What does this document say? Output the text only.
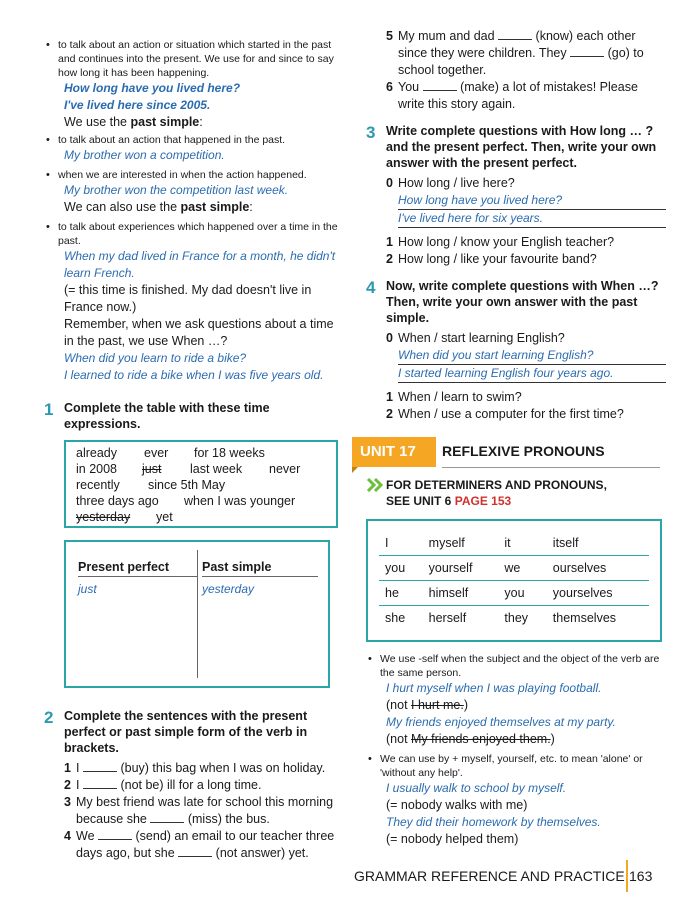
• to talk about an action or situation which started in the past and continues into the present. We use for and since to say how long it has been happening.
How long have you lived here?
I've lived here since 2005.
We use the past simple:
• to talk about an action that happened in the past.
My brother won a competition.
• when we are interested in when the action happened.
My brother won the competition last week.
We can also use the past simple:
• to talk about experiences which happened over a time in the past.
When my dad lived in France for a month, he didn't learn French.
(= this time is finished. My dad doesn't live in France now.)
Remember, when we ask questions about a time in the past, we use When …?
When did you learn to ride a bike?
I learned to ride a bike when I was five years old.
1 Complete the table with these time expressions.
already ever for 18 weeks
in 2008 just last week never
recently since 5th May
three days ago when I was younger
yesterday yet
Present perfect	Past simple
just	yesterday
2 Complete the sentences with the present perfect or past simple form of the verb in brackets.
1 I	(buy) this bag when I was on holiday.
2 I	(not be) ill for a long time.
3 My best friend was late for school this morning because she	(miss) the bus.
4 We	(send) an email to our teacher three days ago, but she	(not answer) yet.
5 My mum and dad	(know) each other since they were children. They	(go) to school together.
6 You	(make) a lot of mistakes! Please write this story again.
3 Write complete questions with How long … ? and the present perfect. Then, write your own answer with the present perfect.
0 How long / live here?
How long have you lived here?
I've lived here for six years.
1 How long / know your English teacher?
2 How long / like your favourite band?
4 Now, write complete questions with When …? Then, write your own answer with the past simple.
0 When / start learning English?
When did you start learning English?
I started learning English four years ago.
1 When / learn to swim?
2 When / use a computer for the first time?
UNIT 17 REFLEXIVE PRONOUNS
FOR DETERMINERS AND PRONOUNS,
SEE UNIT 6 PAGE 153
I	myself	it	itself
you	yourself	we	ourselves
he	himself	you	yourselves
she	herself	they	themselves
• We use -self when the subject and the object of the verb are the same person.
I hurt myself when I was playing football.
(not I hurt me.)
My friends enjoyed themselves at my party.
(not My friends enjoyed them.)
• We can use by + myself, yourself, etc. to mean 'alone' or 'without any help'.
I usually walk to school by myself.
(= nobody walks with me)
They did their homework by themselves.
(= nobody helped them)
GRAMMAR REFERENCE AND PRACTICE 163
